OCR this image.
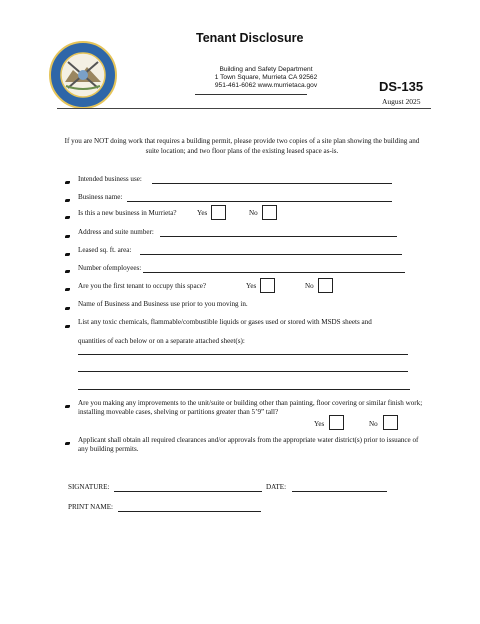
Tenant Disclosure
Building and Safety Department
1 Town Square, Murrieta CA 92562
951-461-6062 www.murrietaca.gov	DS-135
August 2025
If you are NOT doing work that requires a building permit, please provide two copies of a site plan showing the building and suite location; and two floor plans of the existing leased space as-is.
Intended business use:
Business name:
Is this a new business in Murrieta?	Yes	No
Address and suite number:
Leased sq. ft. area:
Number ofemployees:
Are you the first tenant to occupy this space?	Yes	No
Name of Business and Business use prior to you moving in.
List any toxic chemicals, flammable/combustible liquids or gases used or stored with MSDS sheets and
quantities of each below or on a separate attached sheet(s):
Are you making any improvements to the unit/suite or building other than painting, floor covering or similar finish work; installing moveable cases, shelving or partitions greater than 5’9” tall?
Yes	No
Applicant shall obtain all required clearances and/or approvals from the appropriate water district(s) prior to issuance of any building permits.
SIGNATURE:	DATE:
PRINT NAME:
